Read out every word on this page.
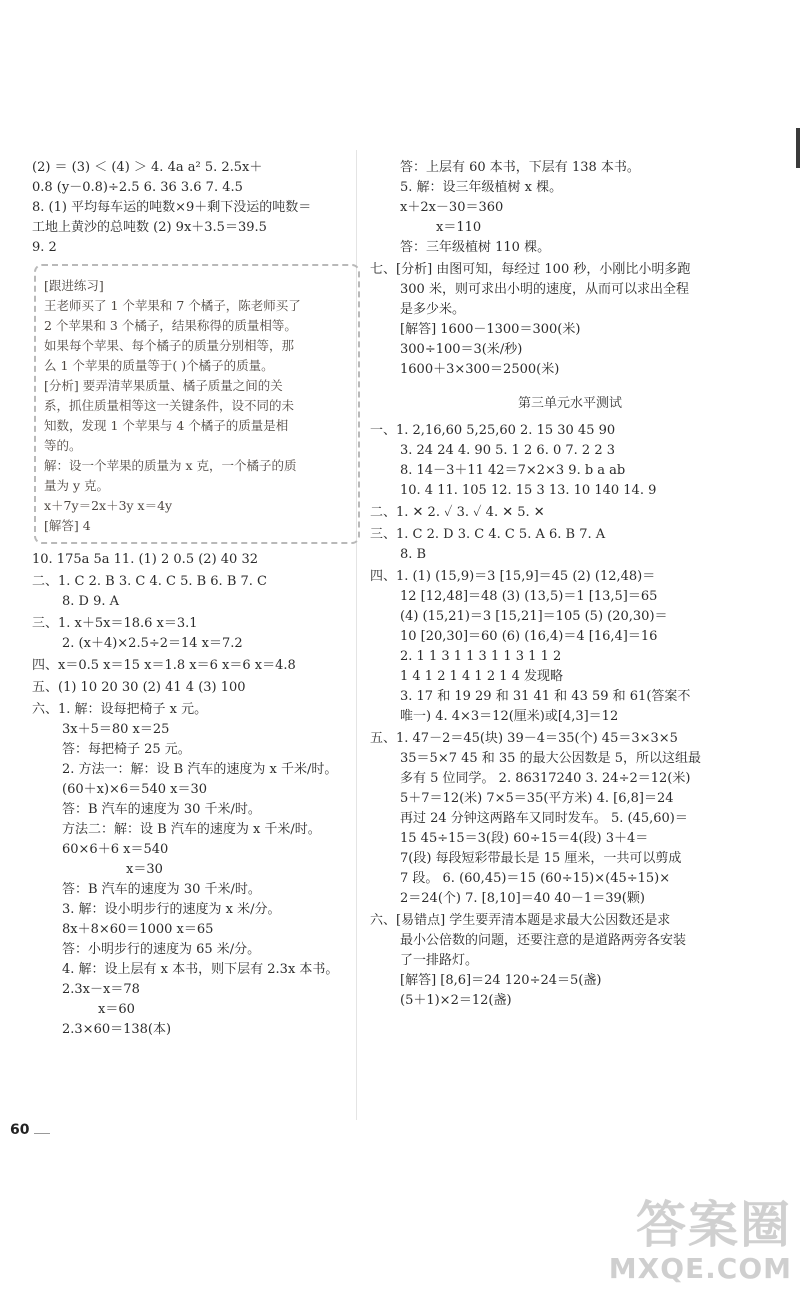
(2) ＝ (3) ＜ (4) ＞ 4. 4a a² 5. 2.5x＋
0.8 (y－0.8)÷2.5 6. 36 3.6 7. 4.5
8. (1) 平均每车运的吨数×9＋剩下没运的吨数＝
工地上黄沙的总吨数 (2) 9x＋3.5＝39.5
9. 2
[跟进练习]
王老师买了 1 个苹果和 7 个橘子，陈老师买了
2 个苹果和 3 个橘子，结果称得的质量相等。
如果每个苹果、每个橘子的质量分别相等，那
么 1 个苹果的质量等于( )个橘子的质量。
[分析] 要弄清苹果质量、橘子质量之间的关
系，抓住质量相等这一关键条件，设不同的未
知数，发现 1 个苹果与 4 个橘子的质量是相
等的。
解：设一个苹果的质量为 x 克，一个橘子的质
量为 y 克。
x＋7y＝2x＋3y x＝4y
[解答] 4
10. 175a 5a 11. (1) 2 0.5 (2) 40 32
二、1. C 2. B 3. C 4. C 5. B 6. B 7. C
8. D 9. A
三、1. x＋5x＝18.6 x＝3.1
2. (x＋4)×2.5÷2＝14 x＝7.2
四、x＝0.5 x＝15 x＝1.8 x＝6 x＝6 x＝4.8
五、(1) 10 20 30 (2) 41 4 (3) 100
六、1. 解：设每把椅子 x 元。
3x＋5＝80 x＝25
答：每把椅子 25 元。
2. 方法一：解：设 B 汽车的速度为 x 千米/时。
(60＋x)×6＝540 x＝30
答：B 汽车的速度为 30 千米/时。
方法二：解：设 B 汽车的速度为 x 千米/时。
60×6＋6 x＝540
x＝30
答：B 汽车的速度为 30 千米/时。
3. 解：设小明步行的速度为 x 米/分。
8x＋8×60＝1000 x＝65
答：小明步行的速度为 65 米/分。
4. 解：设上层有 x 本书，则下层有 2.3x 本书。
2.3x－x＝78
x＝60
2.3×60＝138(本)
答：上层有 60 本书，下层有 138 本书。
5. 解：设三年级植树 x 棵。
x＋2x－30＝360
x＝110
答：三年级植树 110 棵。
七、[分析] 由图可知，每经过 100 秒，小刚比小明多跑
300 米，则可求出小明的速度，从而可以求出全程
是多少米。
[解答] 1600－1300＝300(米)
300÷100＝3(米/秒)
1600＋3×300＝2500(米)
第三单元水平测试
一、1. 2,16,60 5,25,60 2. 15 30 45 90
3. 24 24 4. 90 5. 1 2 6. 0 7. 2 2 3
8. 14－3＋11 42＝7×2×3 9. b a ab
10. 4 11. 105 12. 15 3 13. 10 140 14. 9
二、1. ✕ 2. ✓ 3. ✓ 4. ✕ 5. ✕
三、1. C 2. D 3. C 4. C 5. A 6. B 7. A
8. B
四、1. (1) (15,9)＝3 [15,9]＝45 (2) (12,48)＝
12 [12,48]＝48 (3) (13,5)＝1 [13,5]＝65
(4) (15,21)＝3 [15,21]＝105 (5) (20,30)＝
10 [20,30]＝60 (6) (16,4)＝4 [16,4]＝16
2. 1 1 3 1 1 3 1 1 3 1 1 2
1 4 1 2 1 4 1 2 1 4 发现略
3. 17 和 19 29 和 31 41 和 43 59 和 61(答案不
唯一) 4. 4×3＝12(厘米)或[4,3]＝12
五、1. 47－2＝45(块) 39－4＝35(个) 45＝3×3×5
35＝5×7 45 和 35 的最大公因数是 5，所以这组最
多有 5 位同学。 2. 86317240 3. 24÷2＝12(米)
5＋7＝12(米) 7×5＝35(平方米) 4. [6,8]＝24
再过 24 分钟这两路车又同时发车。 5. (45,60)＝
15 45÷15＝3(段) 60÷15＝4(段) 3＋4＝
7(段) 每段短彩带最长是 15 厘米，一共可以剪成
7 段。 6. (60,45)＝15 (60÷15)×(45÷15)×
2＝24(个) 7. [8,10]＝40 40－1＝39(颗)
六、[易错点] 学生要弄清本题是求最大公因数还是求
最小公倍数的问题，还要注意的是道路两旁各安装
了一排路灯。
[解答] [8,6]＝24 120÷24＝5(盏)
(5＋1)×2＝12(盏)
60
答案圈
MXQE.COM
